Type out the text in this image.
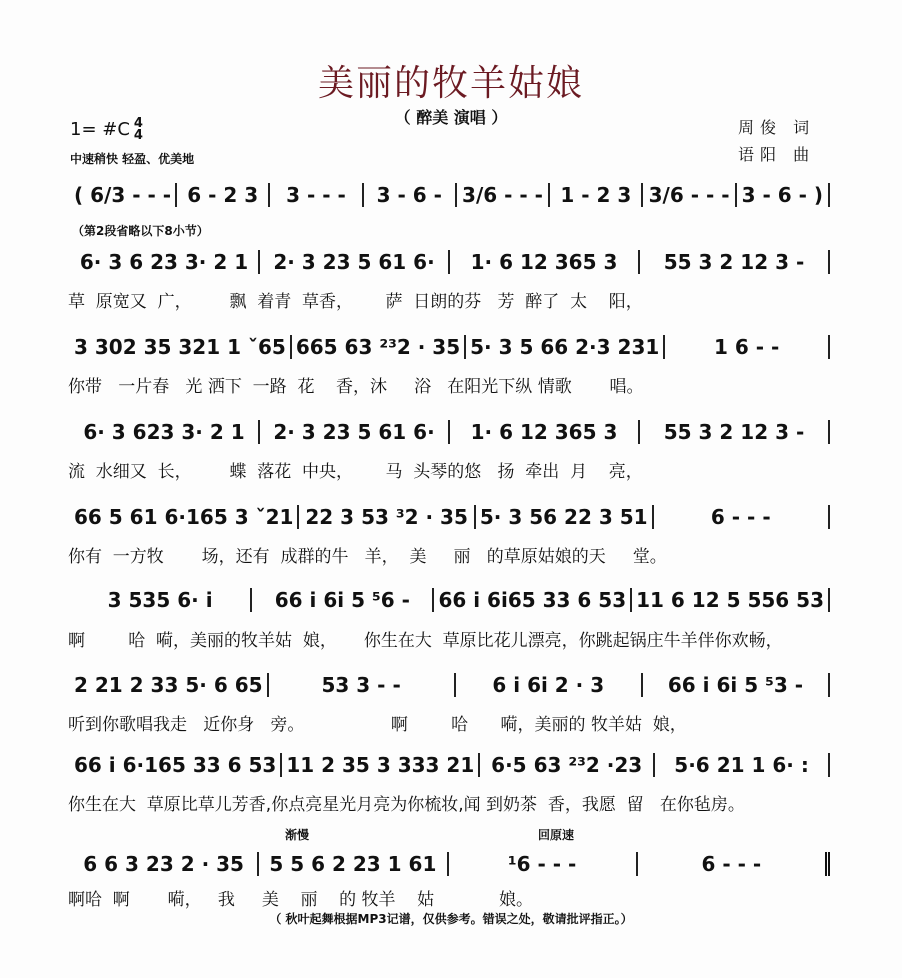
美丽的牧羊姑娘
（ 醉美 演唱 ）
1= #C 4
4
中速稍快 轻盈、优美地
周俊 词
语阳 曲
（第2段省略以下8小节）
渐慢	回原速
( 6/3 - - - 6 - 2 3	3 - - -	3 - 6 -	3/6 - - - 1 - 2 3 3/6 - - - 3 - 6 - )
6· 3 6 23 3· 2 1	2· 3 23 5 61 6·	1· 6 12 365 3	55 3 2 12 3 -
草  原宽又  广，       飘  着青  草香，      萨  日朗的芬   芳  醉了  太    阳，
3 302 35 321 1 ˇ65 665 63 ²³2 · 35 5· 3 5 66 2·3 231	1 6 - -
你带   一片春   光 洒下  一路  花    香，沐     浴   在阳光下纵 情歌       唱。
6· 3 623 3· 2 1	2· 3 23 5 61 6·	1· 6 12 365 3	55 3 2 12 3 -
流  水细又  长，       蝶  落花  中央，      马  头琴的悠   扬  牵出  月    亮，
66 5 61 6·165 3 ˇ21 22 3 53 ³2 · 35 5· 3 56 22 3 51	6 - - -
你有  一方牧       场，还有  成群的牛   羊，  美     丽   的草原姑娘的天     堂。
3 535 6· i	66 i 6i 5 ⁵6 -	66 i 6i65 33 6 53 11 6 12 5 556 53
啊        哈  嗬，美丽的牧羊姑  娘，     你生在大  草原比花儿漂亮，你跳起锅庄牛羊伴你欢畅，
2 21 2 33 5· 6 65	53 3 - -	6 i 6i 2 · 3	66 i 6i 5 ⁵3 -
听到你歌唱我走   近你身   旁。                啊        哈      嗬，美丽的 牧羊姑  娘，
66 i 6·165 33 6 53 11 2 35 3 333 21 6·5 63 ²³2 ·23	5·6 21 1 6· :
你生在大  草原比草儿芳香,你点亮星光月亮为你梳妆,闻 到奶茶  香，我愿  留   在你毡房。
6 6 3 23 2 · 35	5 5 6 2 23 1 61	¹6 - - -	6 - - -
啊哈  啊       嗬，   我     美    丽    的 牧羊    姑            娘。
（ 秋叶起舞根据MP3记谱，仅供参考。错误之处，敬请批评指正。）
